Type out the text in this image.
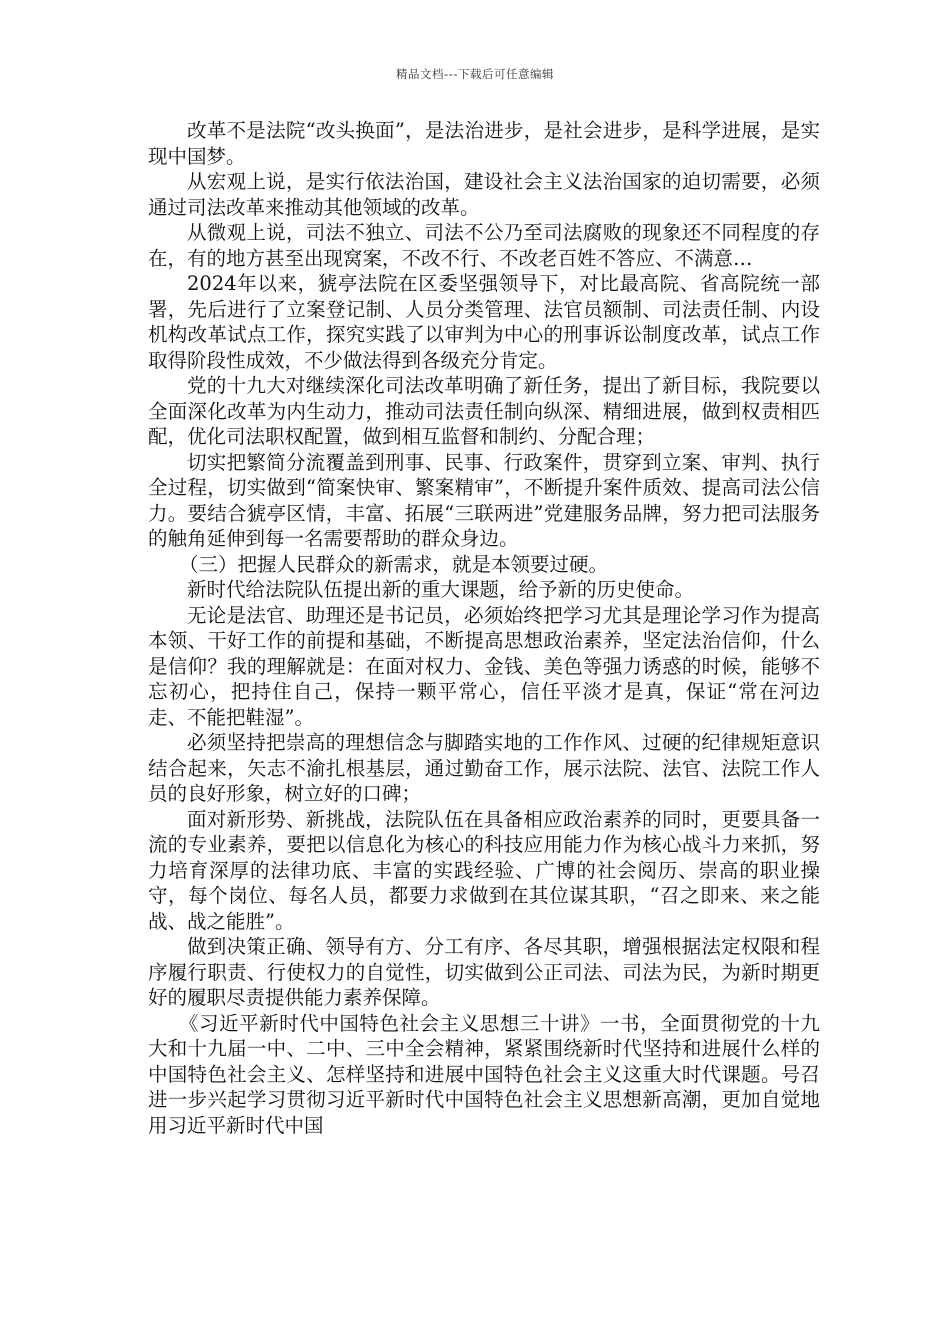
精品文档---下载后可任意编辑

改革不是法院“改头换面”，是法治进步，是社会进步，是科学进展，是实现中国梦。

从宏观上说，是实行依法治国，建设社会主义法治国家的迫切需要，必须通过司法改革来推动其他领域的改革。

从微观上说，司法不独立、司法不公乃至司法腐败的现象还不同程度的存在，有的地方甚至出现窝案，不改不行、不改老百姓不答应、不满意…

2024年以来，猇亭法院在区委坚强领导下，对比最高院、省高院统一部署，先后进行了立案登记制、人员分类管理、法官员额制、司法责任制、内设机构改革试点工作，探究实践了以审判为中心的刑事诉讼制度改革，试点工作取得阶段性成效，不少做法得到各级充分肯定。

党的十九大对继续深化司法改革明确了新任务，提出了新目标，我院要以全面深化改革为内生动力，推动司法责任制向纵深、精细进展，做到权责相匹配，优化司法职权配置，做到相互监督和制约、分配合理；

切实把繁简分流覆盖到刑事、民事、行政案件，贯穿到立案、审判、执行全过程，切实做到“简案快审、繁案精审”，不断提升案件质效、提高司法公信力。要结合猇亭区情，丰富、拓展“三联两进”党建服务品牌，努力把司法服务的触角延伸到每一名需要帮助的群众身边。

（三）把握人民群众的新需求，就是本领要过硬。

新时代给法院队伍提出新的重大课题，给予新的历史使命。

无论是法官、助理还是书记员，必须始终把学习尤其是理论学习作为提高本领、干好工作的前提和基础，不断提高思想政治素养，坚定法治信仰，什么是信仰？我的理解就是：在面对权力、金钱、美色等强力诱惑的时候，能够不忘初心，把持住自己，保持一颗平常心，信任平淡才是真，保证“常在河边走、不能把鞋湿”。

必须坚持把崇高的理想信念与脚踏实地的工作作风、过硬的纪律规矩意识结合起来，矢志不渝扎根基层，通过勤奋工作，展示法院、法官、法院工作人员的良好形象，树立好的口碑；

面对新形势、新挑战，法院队伍在具备相应政治素养的同时，更要具备一流的专业素养，要把以信息化为核心的科技应用能力作为核心战斗力来抓，努力培育深厚的法律功底、丰富的实践经验、广博的社会阅历、崇高的职业操守，每个岗位、每名人员，都要力求做到在其位谋其职，“召之即来、来之能战、战之能胜”。

做到决策正确、领导有方、分工有序、各尽其职，增强根据法定权限和程序履行职责、行使权力的自觉性，切实做到公正司法、司法为民，为新时期更好的履职尽责提供能力素养保障。

《习近平新时代中国特色社会主义思想三十讲》一书，全面贯彻党的十九大和十九届一中、二中、三中全会精神，紧紧围绕新时代坚持和进展什么样的中国特色社会主义、怎样坚持和进展中国特色社会主义这重大时代课题。号召进一步兴起学习贯彻习近平新时代中国特色社会主义思想新高潮，更加自觉地用习近平新时代中国
